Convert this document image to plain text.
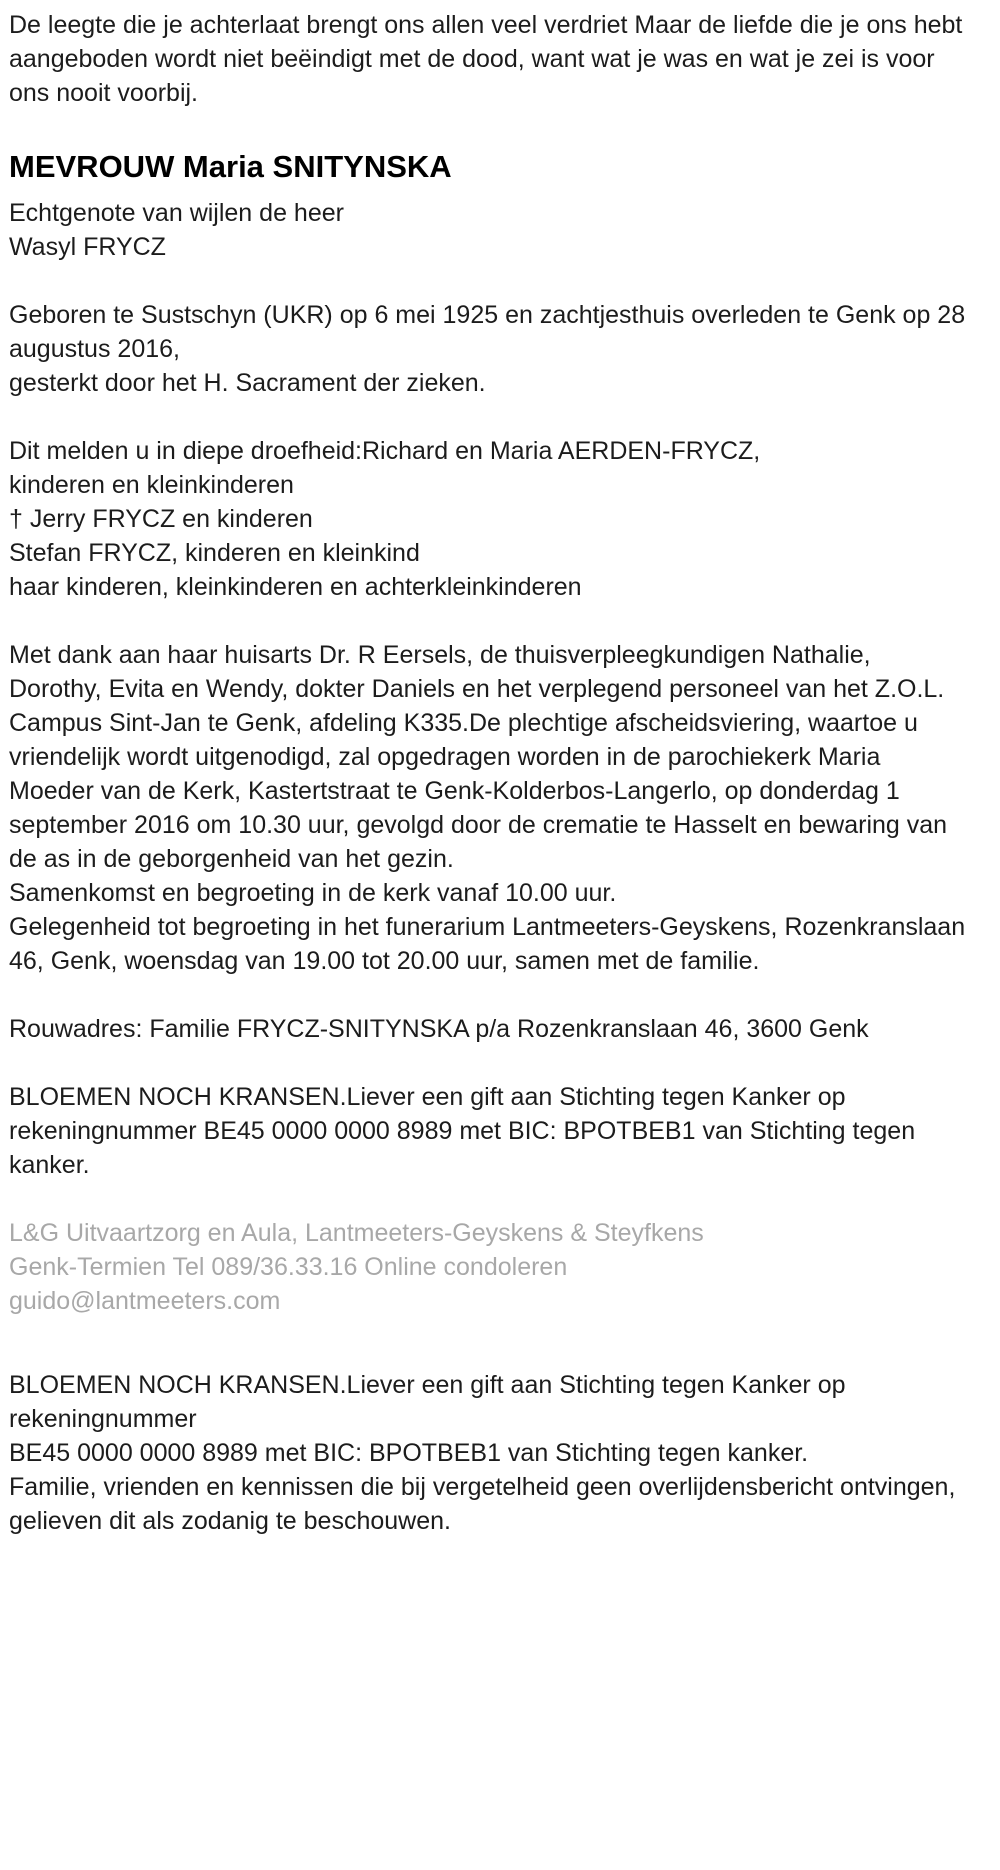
De leegte die je achterlaat brengt ons allen veel verdriet Maar de liefde die je ons hebt aangeboden wordt niet beëindigt met de dood, want wat je was en wat je zei is voor ons nooit voorbij.

MEVROUW Maria SNITYNSKA
Echtgenote van wijlen de heer
Wasyl FRYCZ
Geboren te Sustschyn (UKR) op 6 mei 1925 en zachtjesthuis overleden te Genk op 28 augustus 2016,
gesterkt door het H. Sacrament der zieken.
Dit melden u in diepe droefheid:Richard en Maria AERDEN-FRYCZ,
kinderen en kleinkinderen
† Jerry FRYCZ en kinderen
Stefan FRYCZ, kinderen en kleinkind
haar kinderen, kleinkinderen en achterkleinkinderen
Met dank aan haar huisarts Dr. R Eersels, de thuisverpleegkundigen Nathalie, Dorothy, Evita en Wendy, dokter Daniels en het verplegend personeel van het Z.O.L. Campus Sint-Jan te Genk, afdeling K335.De plechtige afscheidsviering, waartoe u vriendelijk wordt uitgenodigd, zal opgedragen worden in de parochiekerk Maria Moeder van de Kerk, Kastertstraat te Genk-Kolderbos-Langerlo, op donderdag 1 september 2016 om 10.30 uur, gevolgd door de crematie te Hasselt en bewaring van de as in de geborgenheid van het gezin.
Samenkomst en begroeting in de kerk vanaf 10.00 uur.
Gelegenheid tot begroeting in het funerarium Lantmeeters-Geyskens, Rozenkranslaan 46, Genk, woensdag van 19.00 tot 20.00 uur, samen met de familie.

Rouwadres: Familie FRYCZ-SNITYNSKA p/a Rozenkranslaan 46, 3600 Genk

BLOEMEN NOCH KRANSEN.Liever een gift aan Stichting tegen Kanker op rekeningnummer BE45 0000 0000 8989 met BIC: BPOTBEB1 van Stichting tegen kanker.

L&G Uitvaartzorg en Aula, Lantmeeters-Geyskens & Steyfkens
Genk-Termien Tel 089/36.33.16 Online condoleren
guido@lantmeeters.com
BLOEMEN NOCH KRANSEN.Liever een gift aan Stichting tegen Kanker op rekeningnummer
BE45 0000 0000 8989 met BIC: BPOTBEB1 van Stichting tegen kanker.
Familie, vrienden en kennissen die bij vergetelheid geen overlijdensbericht ontvingen, gelieven dit als zodanig te beschouwen.
